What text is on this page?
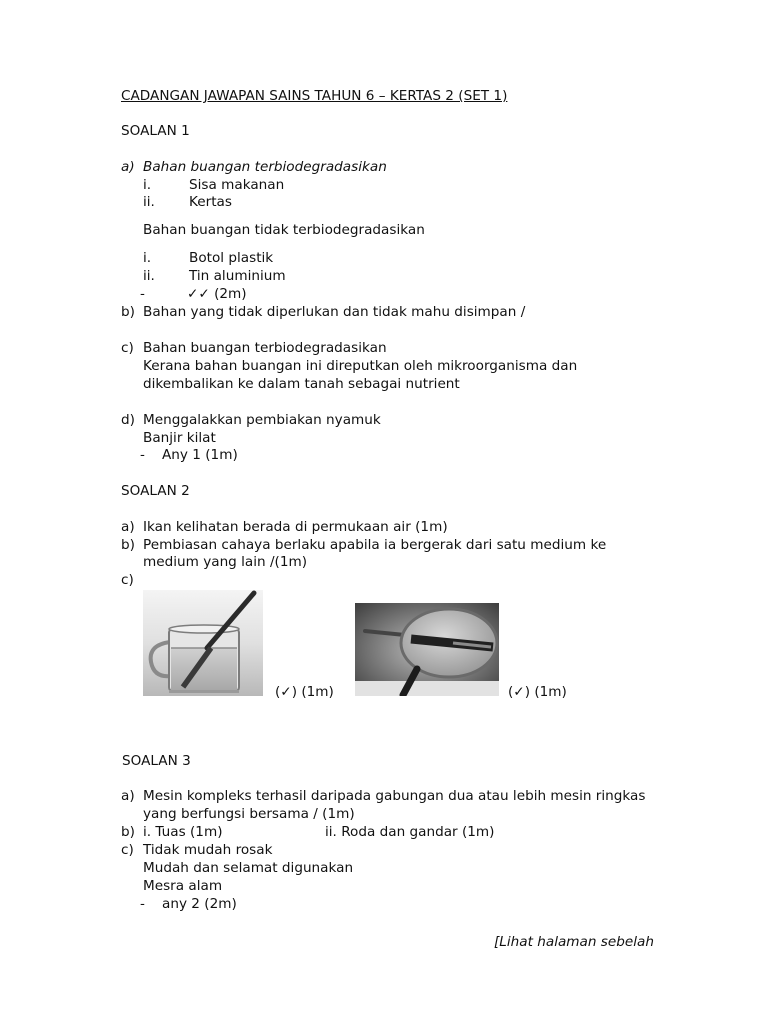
CADANGAN JAWAPAN SAINS TAHUN 6 – KERTAS 2 (SET 1)
SOALAN 1
a) Bahan buangan terbiodegradasikan
i.	Sisa makanan
ii.	Kertas
Bahan buangan tidak terbiodegradasikan
i.	Botol plastik
ii.	Tin aluminium
-	✓✓ (2m)
b) Bahan yang tidak diperlukan dan tidak mahu disimpan /
c) Bahan buangan terbiodegradasikan
Kerana bahan buangan ini direputkan oleh mikroorganisma dan
dikembalikan ke dalam tanah sebagai nutrient
d) Menggalakkan pembiakan nyamuk
Banjir kilat
- Any 1 (1m)
SOALAN 2
a) Ikan kelihatan berada di permukaan air (1m)
b) Pembiasan cahaya berlaku apabila ia bergerak dari satu medium ke
medium yang lain /(1m)
c)
(✓) (1m)	(✓) (1m)
SOALAN 3
a) Mesin kompleks terhasil daripada gabungan dua atau lebih mesin ringkas
yang berfungsi bersama / (1m)
b) i. Tuas (1m)	ii. Roda dan gandar (1m)
c) Tidak mudah rosak
Mudah dan selamat digunakan
Mesra alam
- any 2 (2m)
[Lihat halaman sebelah
